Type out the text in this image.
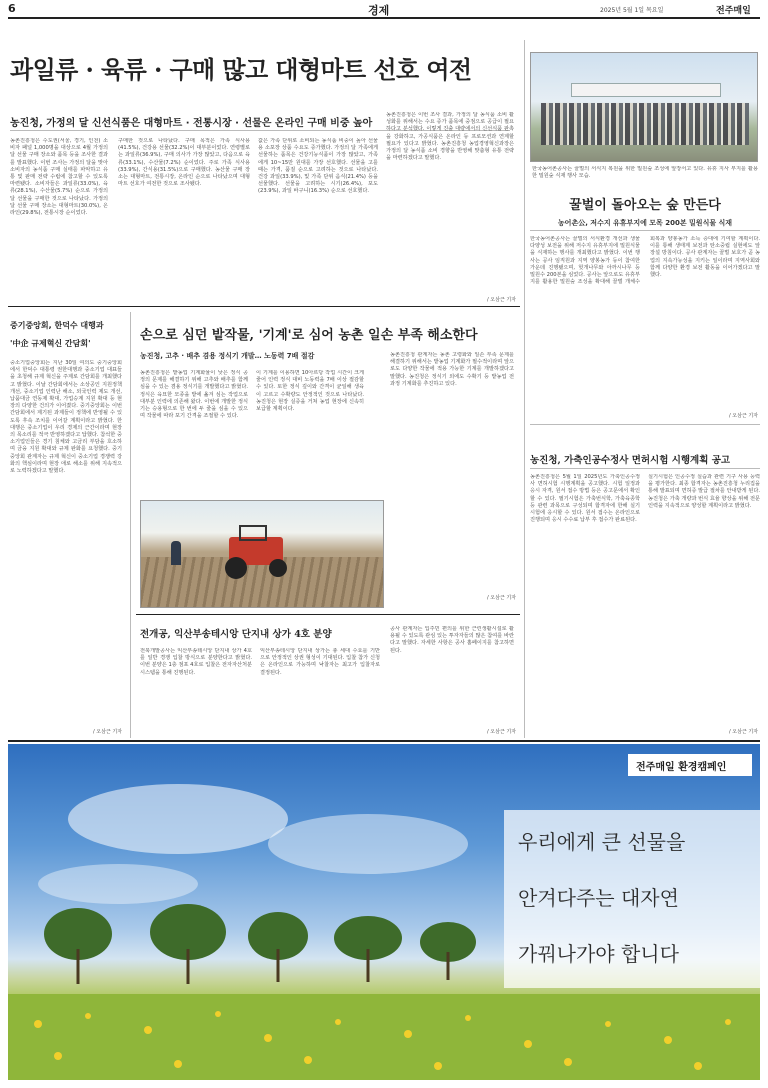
6	경제	2025년 5월 1일 목요일	전주매일
과일류 · 육류 · 구매 많고 대형마트 선호 여전
농진청, 가정의 달 신선식품은 대형마트 · 전통시장 · 선물은 온라인 구매 비중 높아
농촌진흥청은 수도권(서울, 경기, 인천) 소비자 패널 1,000명을 대상으로 4월 가정의 달 선물 구매 장소와 품목 등을 조사한 결과를 발표했다. 이번 조사는 가정의 달을 맞아 소비자의 농식품 구매 실태를 파악하고 유통 및 판매 전략 수립에 참고할 수 있도록 마련됐다. 소비자들은 과일류(33.0%), 육류(28.1%), 수산물(5.7%) 순으로 가정의 달 선물을 구매한 것으로 나타났다. 가정의 달 선물 구매 장소는 대형마트(30.0%), 온라인(29.8%), 전통시장 순이었다.
구매한 것으로 나타났다. 구매 목적은 가족 식사용(41.5%), 건강용 선물(32.2%)이 대부분이었다. 연령별로는 과일류(36.9%), 구매 의사가 가장 많았고, 다음으로 육류(33.1%), 수산물(7.2%) 순이었다. 주로 가족 식사용(33.9%), 간식용(31.5%)으로 구매했다. 농산물 구매 장소는 대형마트, 전통시장, 온라인 순으로 나타났으며 대형마트 선호가 여전한 것으로 조사됐다.
값은 가족 단위로 소비되는 농식품 비중이 높아 선물용 소포장 상품 수요도 증가했다. 가정의 달 가족에게 선물하는 품목은 건강기능식품이 가장 많았고, 가족에게 10~15만 원대를 가장 선호했다. 선물을 고를 때는 가격, 품질 순으로 고려하는 것으로 나타났다. 건강 과일(33.9%), 및 가족 단위 음식(21.4%) 등을 선물했다. 선물을 고려하는 시기(26.4%), 포도(23.9%), 과일 바구니(16.3%) 순으로 선호했다.
농촌진흥청은 이번 조사 결과, 가정의 달 농식품 소비 활성화를 위해서는 수요 증가 품목에 중점으로 공급이 필요하다고 분석했다. 이렇게 진출 대량에서의 신선식품 판촉을 강화하고, 가공식품은 온라인 등 프로모션과 연계할 필요가 있다고 밝혔다. 농촌진흥청 농업경영혁신과장은 가정의 달 농식품 소비 경향을 반영해 맞춤형 유통 전략을 마련하겠다고 말했다.
/ 오삼근 기자
한국농어촌공사는 꿀벌의 서식지 복원을 위한 밀원숲 조성에 앞장서고 있다. 유휴 지사 부지를 활용한 밀원숲 식재 행사 모습.
꿀벌이 돌아오는 숲 만든다
농어촌公, 저수지 유휴부지에 모목 200본 밀원식물 식재
한국농어촌공사는 꿀벌의 서식환경 개선과 생물다양성 보전을 위해 저수지 유휴부지에 밀원식물을 식재하는 행사를 개최했다고 밝혔다. 이번 행사는 공사 임직원과 지역 양봉농가 등이 참여한 가운데 진행됐으며, 헛개나무와 아까시나무 등 밀원수 200본을 심었다. 공사는 앞으로도 유휴부지를 활용한 밀원숲 조성을 확대해 꿀벌 개체수 회복과 양봉농가 소득 증대에 기여할 계획이다. 이를 통해 생태계 보전과 탄소중립 실현에도 앞장설 방침이다. 공사 관계자는 꿀벌 보호가 곧 농업의 지속가능성을 지키는 일이라며 지역사회와 함께 다양한 환경 보전 활동을 이어가겠다고 말했다.
/ 오삼근 기자
중기중앙회, 한덕수 대행과
'中企 규제혁신 간담회'
중소기업중앙회는 지난 30일 여의도 중기중앙회에서 한덕수 대통령 권한대행과 중소기업 대표들을 초청해 규제 혁신을 주제로 간담회를 개최했다고 밝혔다. 이날 간담회에서는 소상공인 지원정책 개선, 중소기업 인력난 해소, 외국인력 제도 개선, 납품대금 연동제 확대, 가업승계 지원 확대 등 현장의 다양한 건의가 이어졌다. 중기중앙회는 이번 간담회에서 제기된 과제들이 정책에 반영될 수 있도록 후속 조치를 이어갈 계획이라고 밝혔다. 한 대행은 중소기업이 우리 경제의 근간이라며 현장의 목소리를 적극 반영하겠다고 답했다. 참석한 중소기업인들은 경기 침체와 고금리 부담을 호소하며 금융 지원 확대와 규제 완화를 요청했다. 중기중앙회 관계자는 규제 혁신이 중소기업 경쟁력 강화의 핵심이라며 현장 애로 해소를 위해 지속적으로 노력하겠다고 말했다.
/ 오삼근 기자
손으로 심던 밭작물, '기계'로 심어 농촌 일손 부족 해소한다
농진청, 고추 · 배추 겸용 정식기 개발… 노동력 7배 절감
농촌진흥청은 밭농업 기계화율이 낮은 정식 공정의 문제를 해결하기 위해 고추와 배추를 함께 심을 수 있는 겸용 정식기를 개발했다고 밝혔다. 정식은 육묘한 모종을 밭에 옮겨 심는 작업으로 대부분 인력에 의존해 왔다. 이번에 개발한 정식기는 승용형으로 한 번에 두 줄을 심을 수 있으며 작물에 따라 포기 간격을 조절할 수 있다.
이 기계를 이용하면 10아르당 작업 시간이 크게 줄어 인력 정식 대비 노동력을 7배 이상 절감할 수 있다. 또한 정식 깊이와 간격이 균일해 생육이 고르고 수확량도 안정적인 것으로 나타났다. 농진청은 현장 실증을 거쳐 농업 현장에 신속히 보급할 계획이다.
농촌진흥청 관계자는 농촌 고령화와 일손 부족 문제를 해결하기 위해서는 밭농업 기계화가 필수적이라며 앞으로도 다양한 작물에 적용 가능한 기계를 개발하겠다고 말했다. 농진청은 정식기 외에도 수확기 등 밭농업 전 과정 기계화를 추진하고 있다.
/ 오삼근 기자
전개공, 익산부송테시앙 단지내 상가 4호 분양
전북개발공사는 익산부송테시앙 단지내 상가 4호를 일반 경쟁 입찰 방식으로 분양한다고 밝혔다. 이번 분양은 1층 점포 4호로 입찰은 전자자산처분시스템을 통해 진행된다.
익산부송테시앙 단지내 상가는 총 세대 수요를 기반으로 안정적인 상권 형성이 기대된다. 입찰 참가 신청은 온라인으로 가능하며 낙찰자는 최고가 입찰자로 결정된다.
공사 관계자는 입주민 편의를 위한 근린생활시설로 활용될 수 있도록 관심 있는 투자자들의 많은 참여를 바란다고 말했다. 자세한 사항은 공사 홈페이지를 참고하면 된다.
/ 오삼근 기자
농진청, 가축인공수정사 면허시험 시행계획 공고
농촌진흥청은 5월 1일 2025년도 가축인공수정사 면허시험 시행계획을 공고했다. 시험 일정과 응시 자격, 원서 접수 방법 등은 공고문에서 확인할 수 있다. 필기시험은 가축번식학, 가축육종학 등 관련 과목으로 구성되며 합격자에 한해 실기시험에 응시할 수 있다. 원서 접수는 온라인으로 진행되며 응시 수수료 납부 후 접수가 완료된다.
실기시험은 인공수정 실습과 관련 기구 사용 능력을 평가한다. 최종 합격자는 농촌진흥청 누리집을 통해 발표되며 면허증 발급 절차를 안내받게 된다. 농진청은 가축 개량과 번식 효율 향상을 위해 전문 인력을 지속적으로 양성할 계획이라고 밝혔다.
/ 오삼근 기자
전주매일 환경캠페인
우리에게 큰 선물을
안겨다주는 대자연
가꿔나가야 합니다
